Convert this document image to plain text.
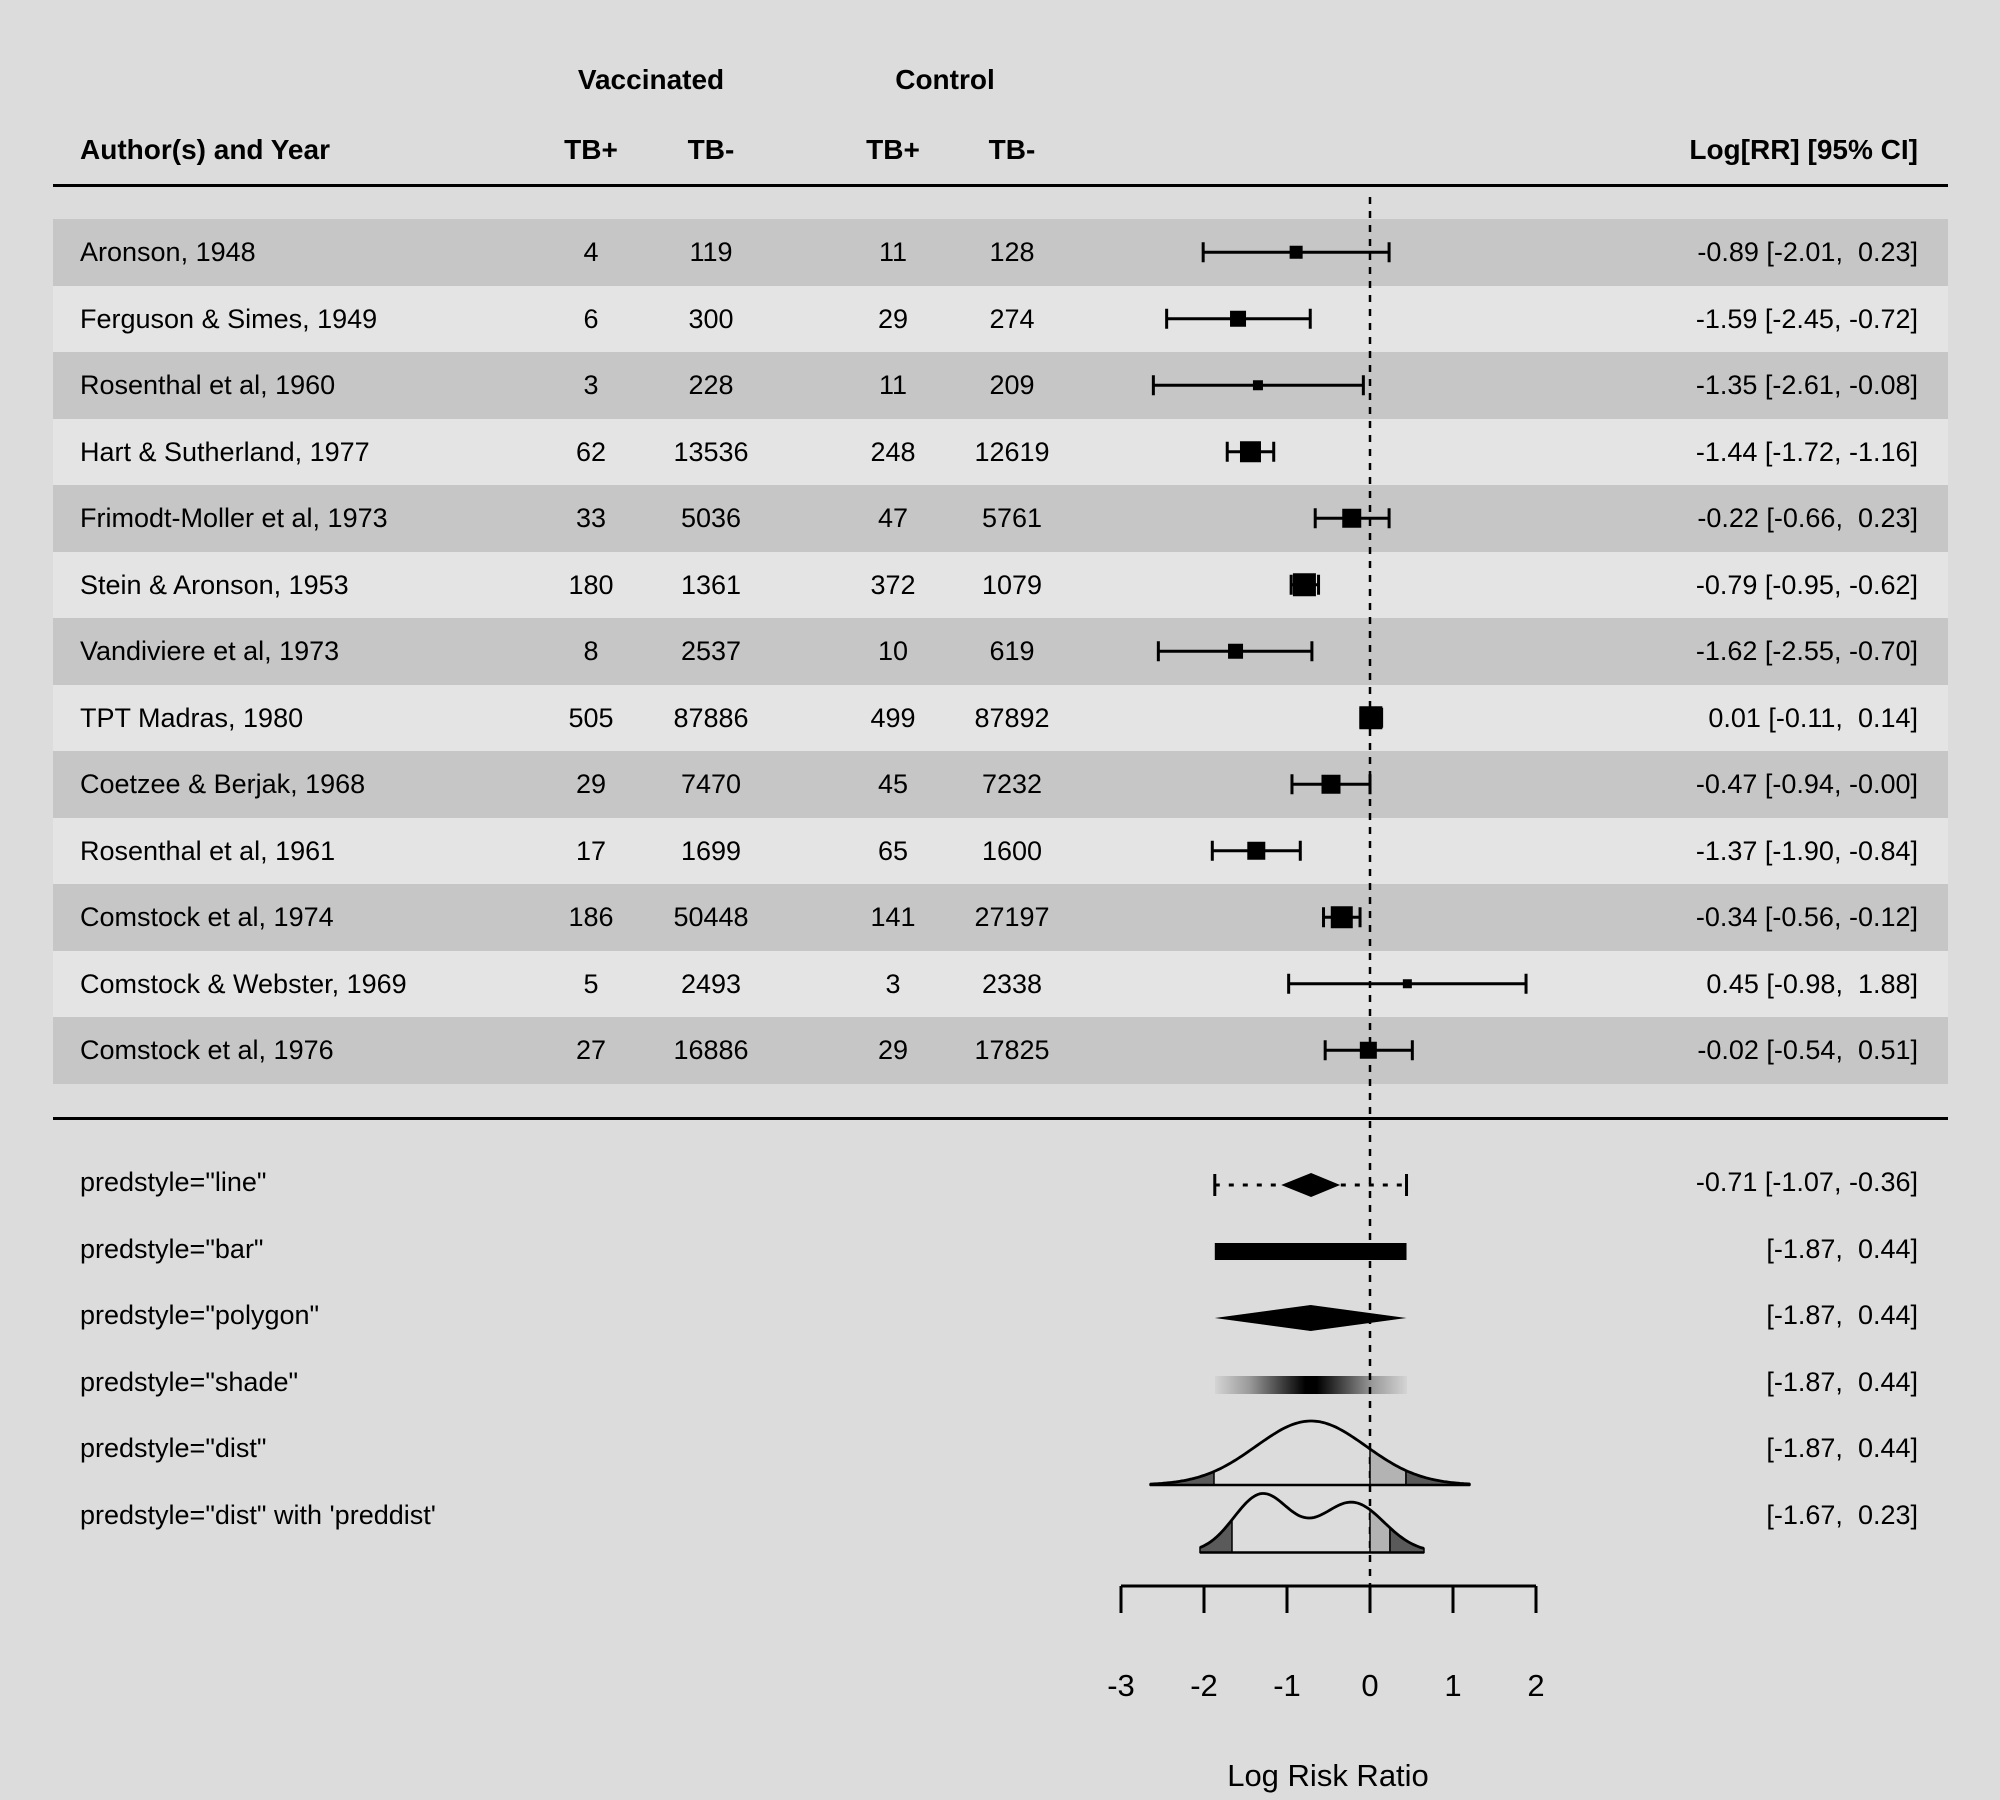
Author(s) and Year
Vaccinated	Control
TB+ TB-	TB+ TB-	Log[RR] [95% CI]
Aronson, 1948	4	119	11	128	-0.89 [-2.01,  0.23]
Ferguson & Simes, 1949	6	300	29	274	-1.59 [-2.45, -0.72]
Rosenthal et al, 1960	3	228	11	209	-1.35 [-2.61, -0.08]
Hart & Sutherland, 1977	62 13536	248 12619	-1.44 [-1.72, -1.16]
Frimodt-Moller et al, 1973	33	5036	47	5761	-0.22 [-0.66,  0.23]
Stein & Aronson, 1953	180 1361	372 1079	-0.79 [-0.95, -0.62]
Vandiviere et al, 1973	8	2537	10	619	-1.62 [-2.55, -0.70]
TPT Madras, 1980	505 87886	499 87892	0.01 [-0.11,  0.14]
Coetzee & Berjak, 1968	29	7470	45	7232	-0.47 [-0.94, -0.00]
Rosenthal et al, 1961	17	1699	65	1600	-1.37 [-1.90, -0.84]
Comstock et al, 1974	186 50448	141 27197	-0.34 [-0.56, -0.12]
Comstock & Webster, 1969	5	2493	3	2338	0.45 [-0.98,  1.88]
Comstock et al, 1976	27 16886	29 17825	-0.02 [-0.54,  0.51]
predstyle="line"	-0.71 [-1.07, -0.36]
predstyle="bar"	[-1.87,  0.44]
predstyle="polygon"	[-1.87,  0.44]
predstyle="shade"	[-1.87,  0.44]
predstyle="dist"	[-1.87,  0.44]
predstyle="dist" with 'preddist'	[-1.67,  0.23]
-3 -2 -1 0 1 2
Log Risk Ratio
